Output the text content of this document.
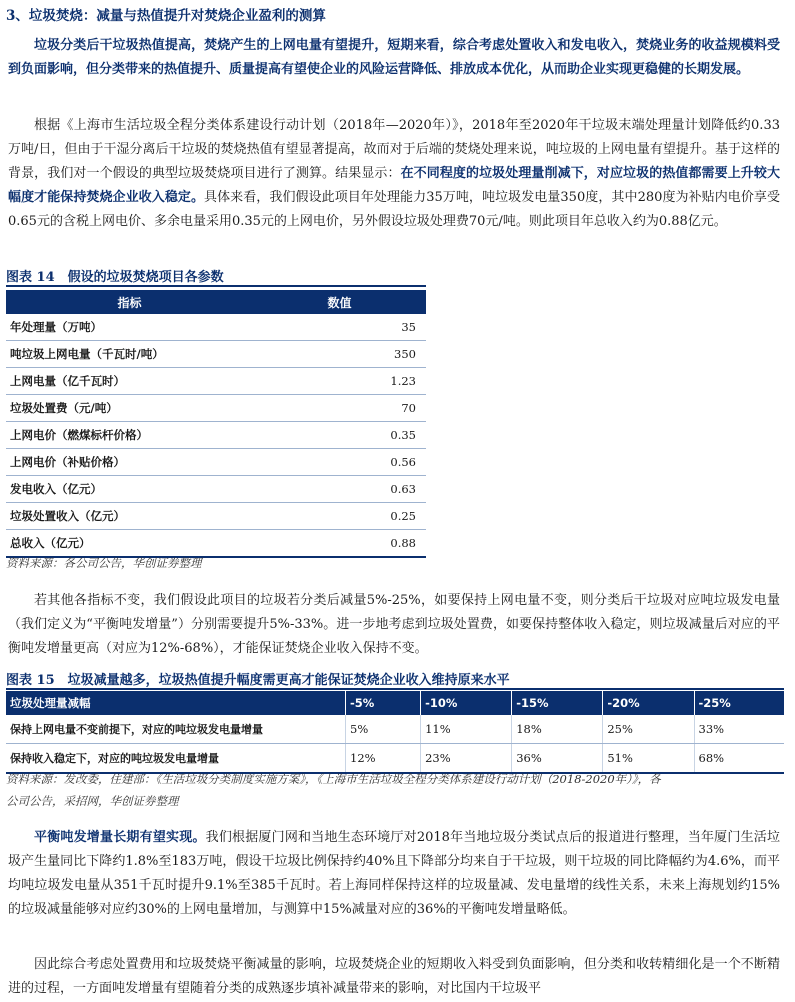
3、垃圾焚烧：减量与热值提升对焚烧企业盈利的测算

垃圾分类后干垃圾热值提高，焚烧产生的上网电量有望提升，短期来看，综合考虑处置收入和发电收入，焚烧业务的收益规模料受到负面影响，但分类带来的热值提升、质量提高有望使企业的风险运营降低、排放成本优化，从而助企业实现更稳健的长期发展。

根据《上海市生活垃圾全程分类体系建设行动计划（2018年—2020年）》，2018年至2020年干垃圾末端处理量计划降低约0.33万吨/日，但由于干湿分离后干垃圾的焚烧热值有望显著提高，故而对于后端的焚烧处理来说，吨垃圾的上网电量有望提升。基于这样的背景，我们对一个假设的典型垃圾焚烧项目进行了测算。结果显示：在不同程度的垃圾处理量削减下，对应垃圾的热值都需要上升较大幅度才能保持焚烧企业收入稳定。具体来看，我们假设此项目年处理能力35万吨，吨垃圾发电量350度，其中280度为补贴内电价享受0.65元的含税上网电价、多余电量采用0.35元的上网电价，另外假设垃圾处理费70元/吨。则此项目年总收入约为0.88亿元。

图表 14　假设的垃圾焚烧项目各参数
指标	数值
年处理量（万吨）	35
吨垃圾上网电量（千瓦时/吨）	350
上网电量（亿千瓦时）	1.23
垃圾处置费（元/吨）	70
上网电价（燃煤标杆价格）	0.35
上网电价（补贴价格）	0.56
发电收入（亿元）	0.63
垃圾处置收入（亿元）	0.25
总收入（亿元）	0.88
资料来源：各公司公告，华创证券整理

若其他各指标不变，我们假设此项目的垃圾若分类后减量5%-25%，如要保持上网电量不变，则分类后干垃圾对应吨垃圾发电量（我们定义为“平衡吨发增量”）分别需要提升5%-33%。进一步地考虑到垃圾处置费，如要保持整体收入稳定，则垃圾减量后对应的平衡吨发增量更高（对应为12%-68%），才能保证焚烧企业收入保持不变。

图表 15　垃圾减量越多，垃圾热值提升幅度需更高才能保证焚烧企业收入维持原来水平
垃圾处理量减幅	-5%	-10%	-15%	-20%	-25%
保持上网电量不变前提下，对应的吨垃圾发电量增量	5%	11%	18%	25%	33%
保持收入稳定下，对应的吨垃圾发电量增量	12%	23%	36%	51%	68%
资料来源：发改委，住建部：《生活垃圾分类制度实施方案》，《上海市生活垃圾全程分类体系建设行动计划（2018-2020年）》，各
公司公告，采招网，华创证券整理

平衡吨发增量长期有望实现。我们根据厦门网和当地生态环境厅对2018年当地垃圾分类试点后的报道进行整理，当年厦门生活垃圾产生量同比下降约1.8%至183万吨，假设干垃圾比例保持约40%且下降部分均来自于干垃圾，则干垃圾的同比降幅约为4.6%，而平均吨垃圾发电量从351千瓦时提升9.1%至385千瓦时。若上海同样保持这样的垃圾量减、发电量增的线性关系，未来上海规划约15%的垃圾减量能够对应约30%的上网电量增加，与测算中15%减量对应的36%的平衡吨发增量略低。

因此综合考虑处置费用和垃圾焚烧平衡减量的影响，垃圾焚烧企业的短期收入料受到负面影响，但分类和收转精细化是一个不断精进的过程，一方面吨发增量有望随着分类的成熟逐步填补减量带来的影响，对比国内干垃圾平
